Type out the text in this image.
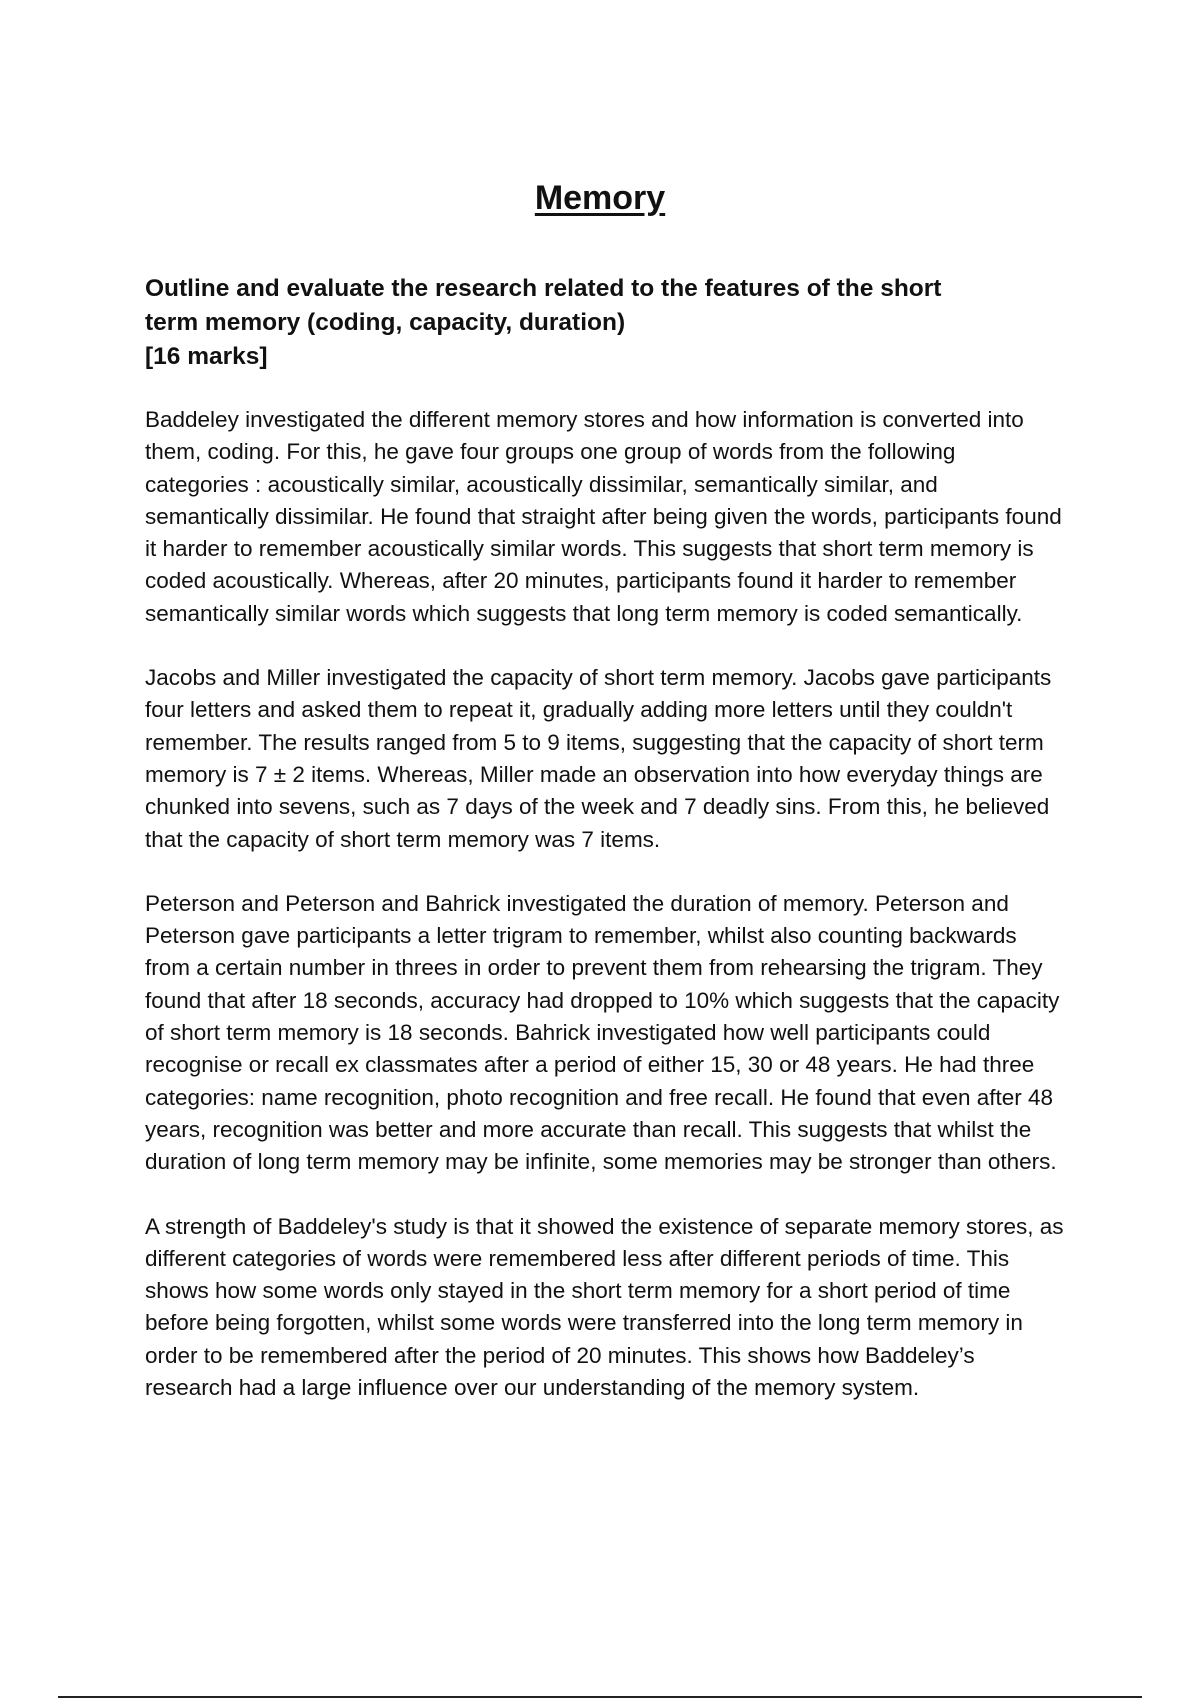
Memory
Outline and evaluate the research related to the features of the short
term memory (coding, capacity, duration)
[16 marks]

Baddeley investigated the different memory stores and how information is converted into them, coding. For this, he gave four groups one group of words from the following categories : acoustically similar, acoustically dissimilar, semantically similar, and semantically dissimilar. He found that straight after being given the words, participants found it harder to remember acoustically similar words. This suggests that short term memory is coded acoustically. Whereas, after 20 minutes, participants found it harder to remember semantically similar words which suggests that long term memory is coded semantically.

Jacobs and Miller investigated the capacity of short term memory. Jacobs gave participants four letters and asked them to repeat it, gradually adding more letters until they couldn't remember. The results ranged from 5 to 9 items, suggesting that the capacity of short term memory is 7 ± 2 items. Whereas, Miller made an observation into how everyday things are chunked into sevens, such as 7 days of the week and 7 deadly sins. From this, he believed that the capacity of short term memory was 7 items.

Peterson and Peterson and Bahrick investigated the duration of memory. Peterson and Peterson gave participants a letter trigram to remember, whilst also counting backwards from a certain number in threes in order to prevent them from rehearsing the trigram. They found that after 18 seconds, accuracy had dropped to 10% which suggests that the capacity of short term memory is 18 seconds. Bahrick investigated how well participants could recognise or recall ex classmates after a period of either 15, 30 or 48 years. He had three categories: name recognition, photo recognition and free recall. He found that even after 48 years, recognition was better and more accurate than recall. This suggests that whilst the duration of long term memory may be infinite, some memories may be stronger than others.

A strength of Baddeley's study is that it showed the existence of separate memory stores, as different categories of words were remembered less after different periods of time. This shows how some words only stayed in the short term memory for a short period of time before being forgotten, whilst some words were transferred into the long term memory in order to be remembered after the period of 20 minutes. This shows how Baddeley’s research had a large influence over our understanding of the memory system.
